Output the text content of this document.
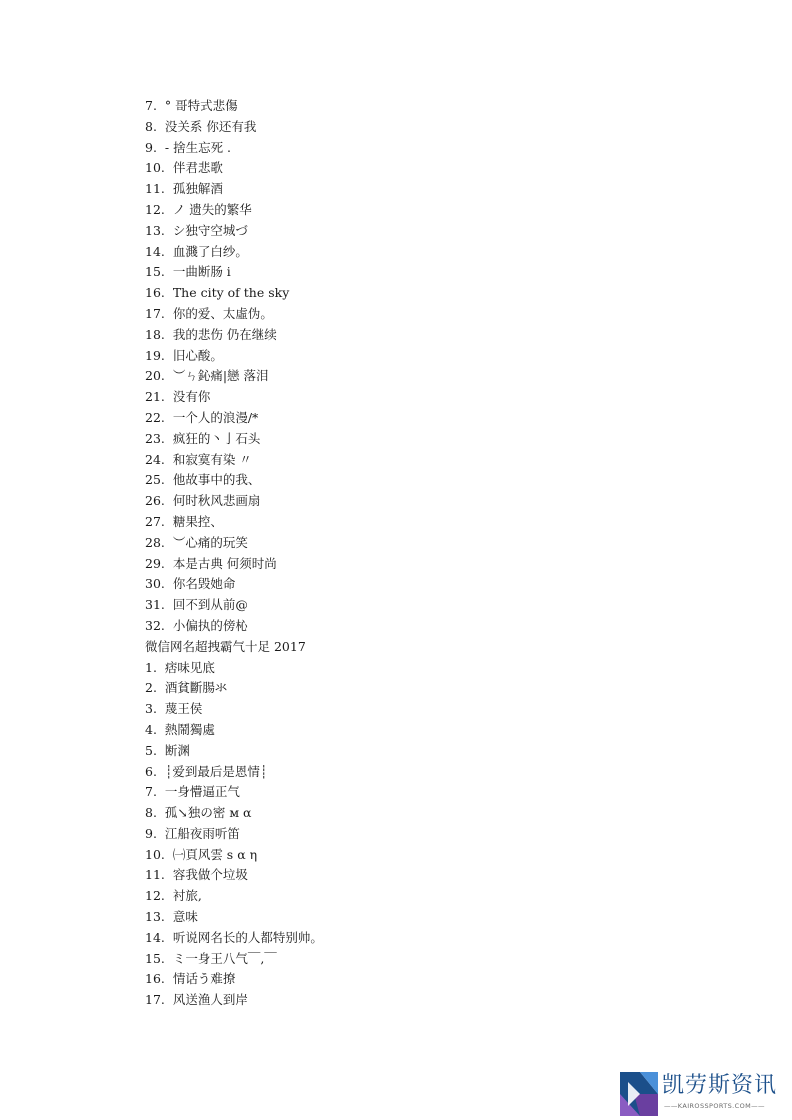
7.  ° 哥特式悲傷
8.  没关系 你还有我
9.  ‐ 捨生忘死 .
10.  伴君悲歌
11.  孤独解酒
12.  ノ 遗失的繁华
13.  シ独守空城づ
14.  血濺了白纱。
15.  一曲断肠 i
16.  The city of the sky
17.  你的爱、太虛伪。
18.  我的悲伤 仍在继续
19.  旧心酸。
20.  ︶ㄣ鈊痛|戀 落泪
21.  没有你
22.  一个人的浪漫/*
23.  疯狂的丶亅石头
24.  和寂寞有染 〃
25.  他故事中的我、
26.  何时秋风悲画扇
27.  糖果控、
28.  ︶心痛的玩笑
29.  本是古典 何须时尚
30.  你名毁她命
31.  回不到从前@
32.  小偏执的傍杺
微信网名超拽霸气十足 2017
1.  痞味见底
2.  酒貧斷腸氺
3.  蔑王侯
4.  熱鬧獨處
5.  断渊
6.  ┊爱到最后是恩情┊
7.  一身懵逼正气
8.  孤↘独の密 м α
9.  江船夜雨听笛
10.  ㈠頁风雲 s α η
11.  容我做个垃圾
12.  衬旅,
13.  意味
14.  听说网名长的人都特别帅。
15.  ミ一身王八气￣,￣
16.  情话う难撩
17.  风送渔人到岸
凯劳斯资讯
——KAIROSSPORTS.COM——
